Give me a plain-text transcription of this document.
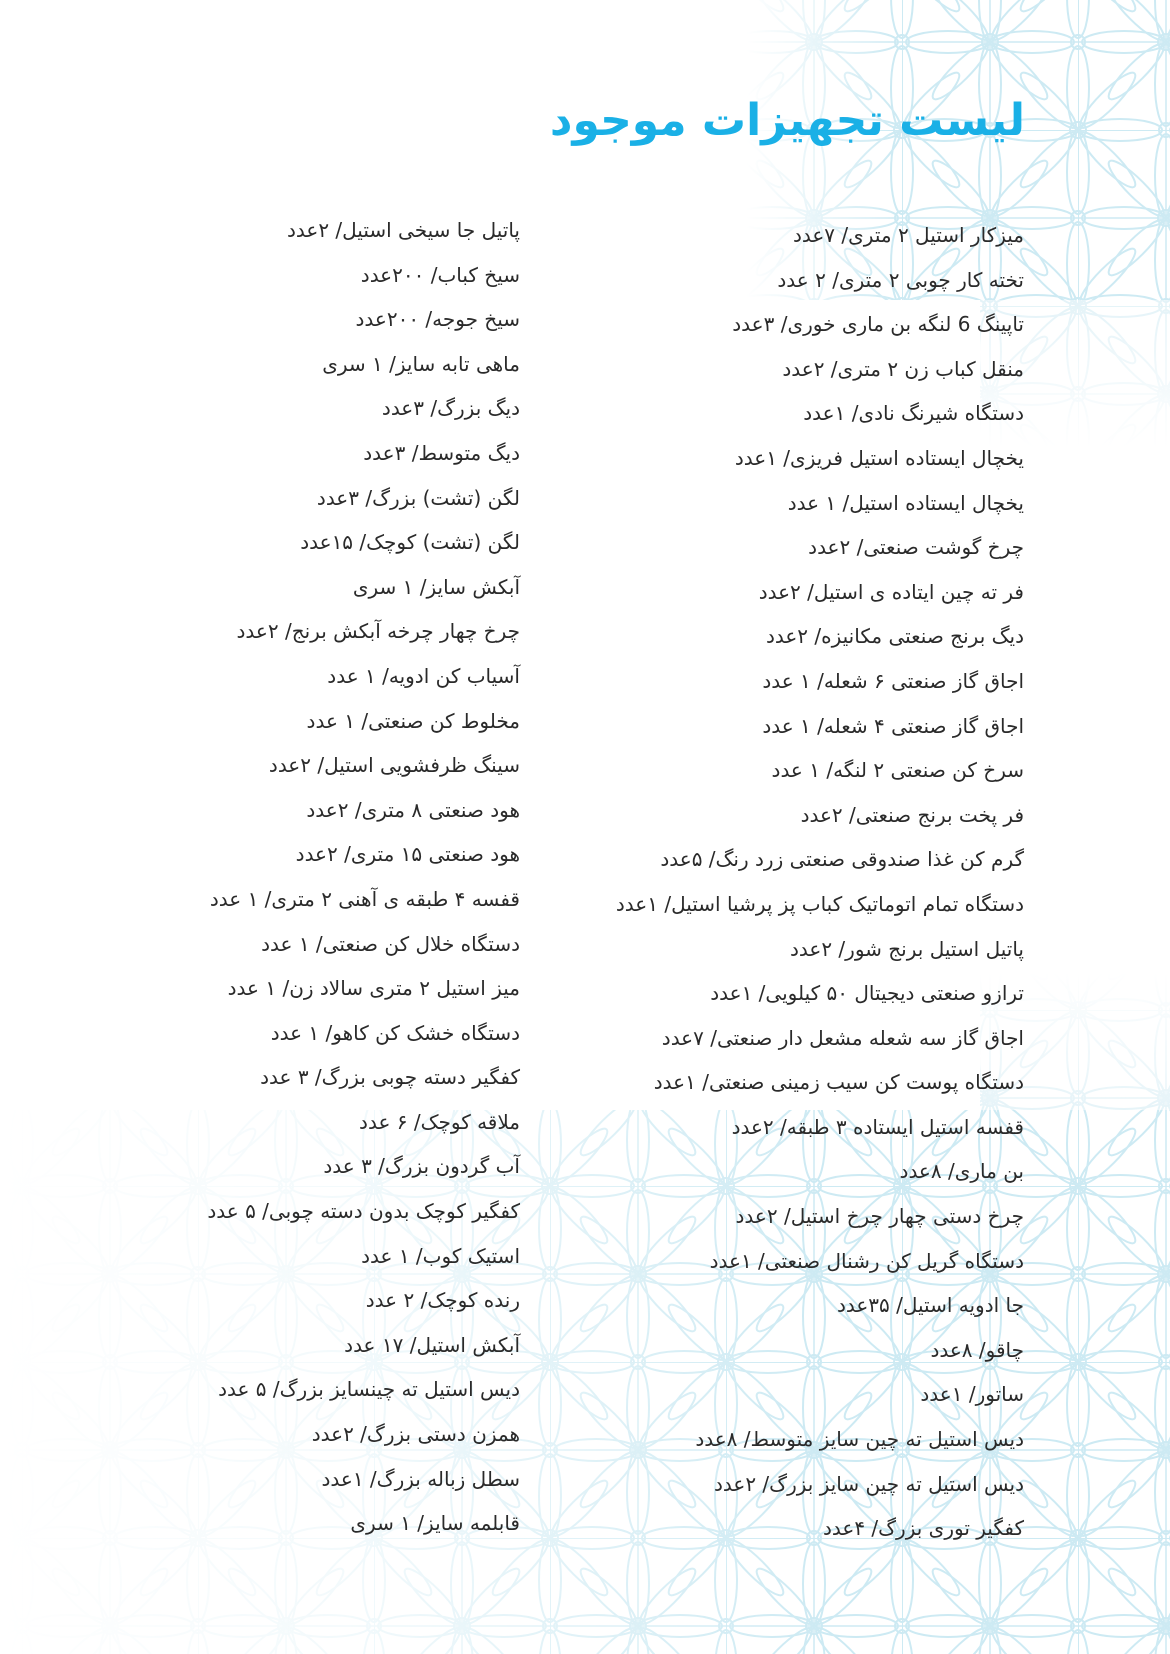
لیست تجهیزات موجود
میزکار استیل ۲ متری/ ۷عدد
تخته کار چوبی ۲ متری/ ۲ عدد
تاپینگ 6 لنگه بن ماری خوری/ ۳عدد
منقل کباب زن ۲ متری/ ۲عدد
دستگاه شیرنگ نادی/ ۱عدد
یخچال ایستاده استیل فریزی/ ۱عدد
یخچال ایستاده استیل/ ۱ عدد
چرخ گوشت صنعتی/ ۲عدد
فر ته چین ایتاده ی استیل/ ۲عدد
دیگ برنج صنعتی مکانیزه/ ۲عدد
اجاق گاز صنعتی ۶ شعله/ ۱ عدد
اجاق گاز صنعتی ۴ شعله/ ۱ عدد
سرخ کن صنعتی ۲ لنگه/ ۱ عدد
فر پخت برنج صنعتی/ ۲عدد
گرم کن غذا صندوقی صنعتی زرد رنگ/ ۵عدد
دستگاه تمام اتوماتیک کباب پز پرشیا استیل/ ۱عدد
پاتیل استیل برنج شور/ ۲عدد
ترازو صنعتی دیجیتال ۵۰ کیلویی/ ۱عدد
اجاق گاز سه شعله مشعل دار صنعتی/ ۷عدد
دستگاه پوست کن سیب زمینی صنعتی/ ۱عدد
قفسه استیل ایستاده ۳ طبقه/ ۲عدد
بن ماری/ ۸عدد
چرخ دستی چهار چرخ استیل/ ۲عدد
دستگاه گریل کن رشنال صنعتی/ ۱عدد
جا ادویه استیل/ ۳۵عدد
چاقو/ ۸عدد
ساتور/ ۱عدد
دیس استیل ته چین سایز متوسط/ ۸عدد
دیس استیل ته چین سایز بزرگ/ ۲عدد
کفگیر توری بزرگ/ ۴عدد
پاتیل جا سیخی استیل/ ۲عدد
سیخ کباب/ ۲۰۰عدد
سیخ جوجه/ ۲۰۰عدد
ماهی تابه سایز/ ۱ سری
دیگ بزرگ/ ۳عدد
دیگ متوسط/ ۳عدد
لگن (تشت) بزرگ/ ۳عدد
لگن (تشت) کوچک/ ۱۵عدد
آبکش سایز/ ۱ سری
چرخ چهار چرخه آبکش برنج/ ۲عدد
آسیاب کن ادویه/ ۱ عدد
مخلوط کن صنعتی/ ۱ عدد
سینگ ظرفشویی استیل/ ۲عدد
هود صنعتی ۸ متری/ ۲عدد
هود صنعتی ۱۵ متری/ ۲عدد
قفسه ۴ طبقه ی آهنی ۲ متری/ ۱ عدد
دستگاه خلال کن صنعتی/ ۱ عدد
میز استیل ۲ متری سالاد زن/ ۱ عدد
دستگاه خشک کن کاهو/ ۱ عدد
کفگیر دسته چوبی بزرگ/ ۳ عدد
ملاقه کوچک/ ۶ عدد
آب گردون بزرگ/ ۳ عدد
کفگیر کوچک بدون دسته چوبی/ ۵ عدد
استیک کوب/ ۱ عدد
رنده کوچک/ ۲ عدد
آبکش استیل/ ۱۷ عدد
دیس استیل ته چینسایز بزرگ/ ۵ عدد
همزن دستی بزرگ/ ۲عدد
سطل زباله بزرگ/ ۱عدد
قابلمه سایز/ ۱ سری
